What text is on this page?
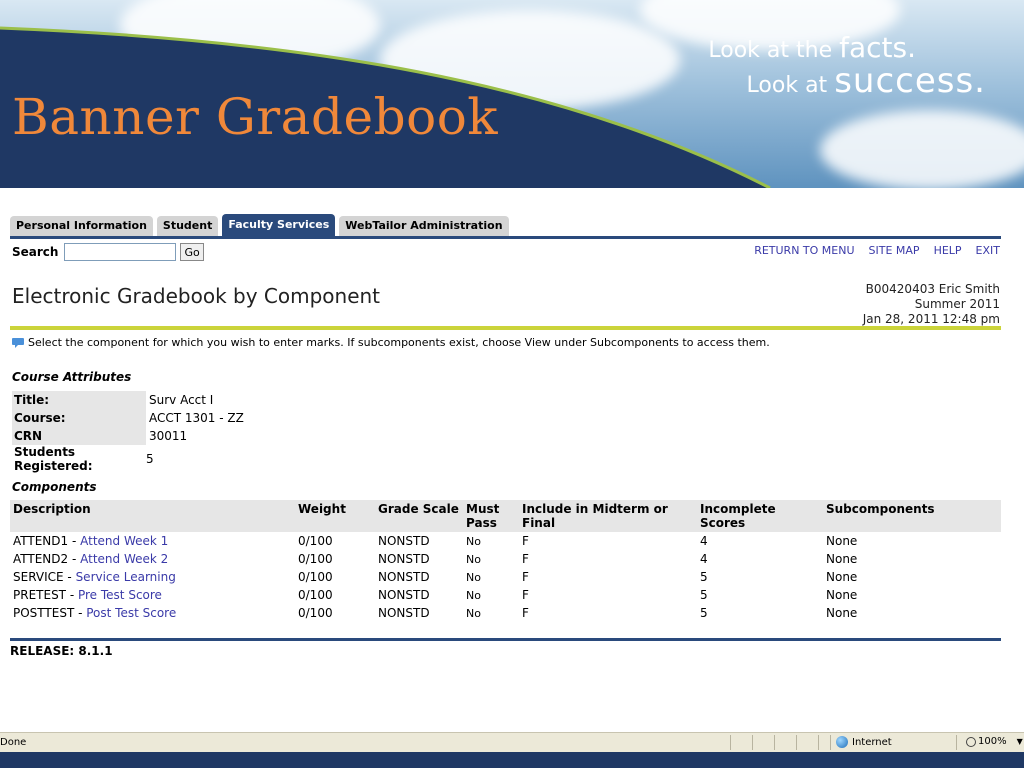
Banner Gradebook
Look at the facts.
Look at success.
Personal Information	Student	Faculty Services	WebTailor Administration
Search	Go	RETURN TO MENU SITE MAP HELP EXIT
Electronic Gradebook by Component	B00420403 Eric Smith
Summer 2011
Jan 28, 2011 12:48 pm
Select the component for which you wish to enter marks. If subcomponents exist, choose View under Subcomponents to access them.
Course Attributes
Title:	Surv Acct I
Course:	ACCT 1301 - ZZ
CRN	30011
Students Registered:	5
Components
Description	Weight	Grade Scale	Must Pass	Include in Midterm or Final	Incomplete Scores	Subcomponents
ATTEND1 - Attend Week 1	0/100	NONSTD	No	F	4	None
ATTEND2 - Attend Week 2	0/100	NONSTD	No	F	4	None
SERVICE - Service Learning	0/100	NONSTD	No	F	5	None
PRETEST - Pre Test Score	0/100	NONSTD	No	F	5	None
POSTTEST - Post Test Score	0/100	NONSTD	No	F	5	None
RELEASE: 8.1.1
Done	Internet	100% ▼
